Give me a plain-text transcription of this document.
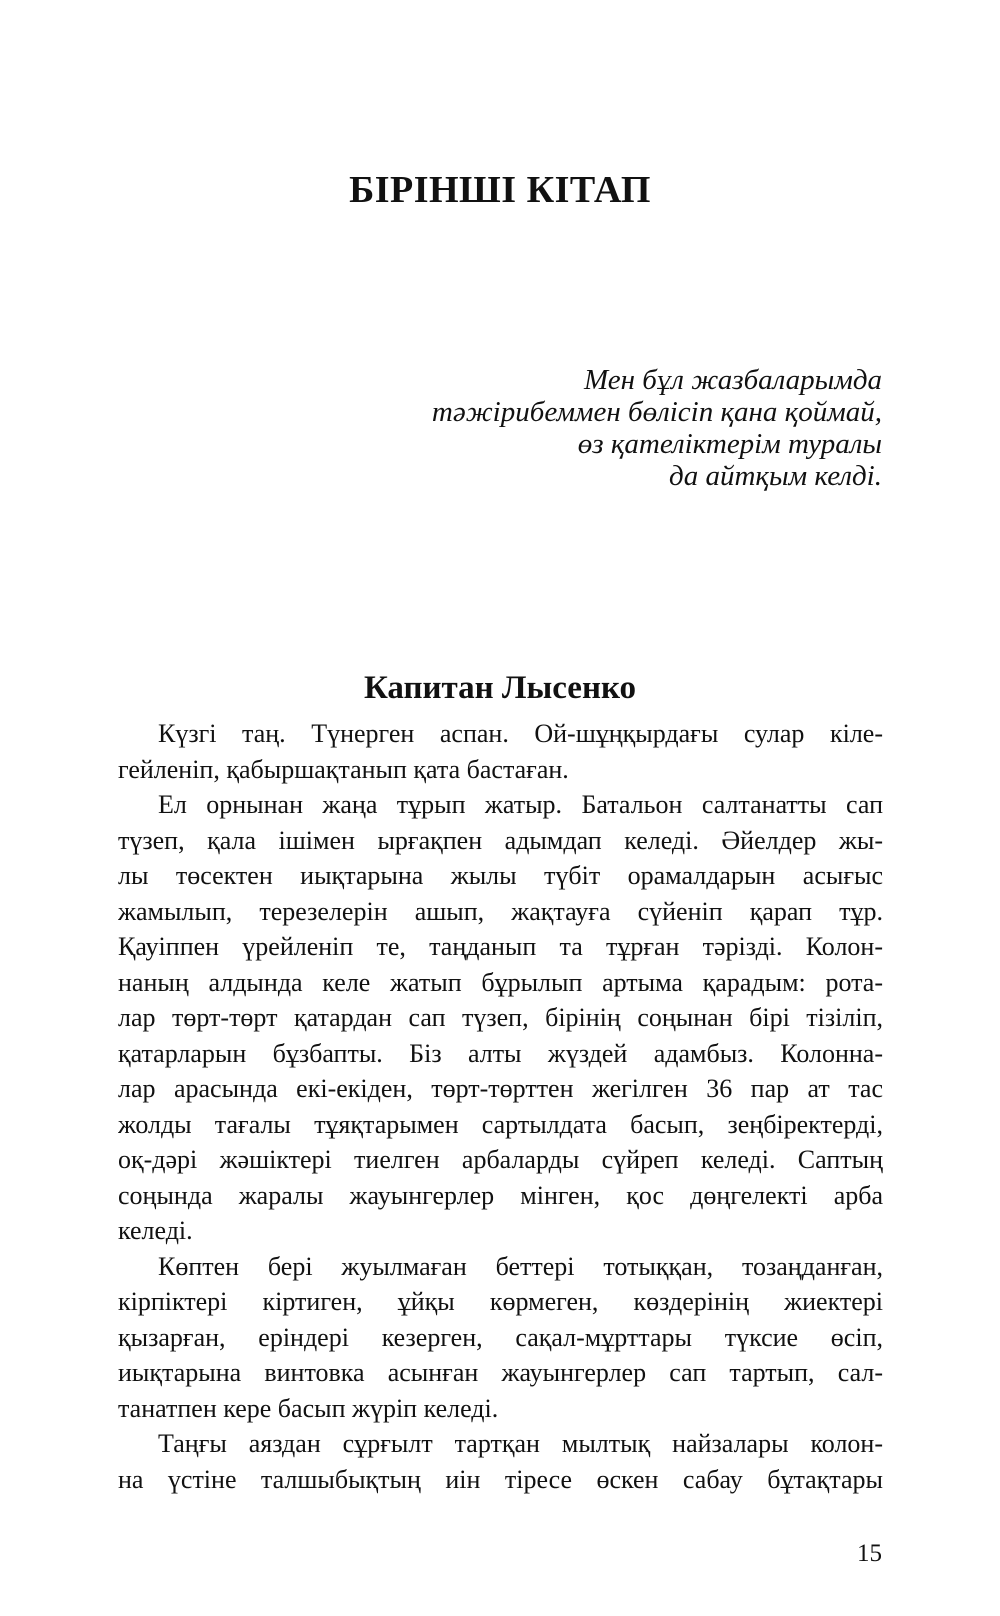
БІРІНШІ КІТАП
Мен бұл жазбаларымда
тәжірибеммен бөлісіп қана қоймай,
өз қателіктерім туралы
да айтқым келді.
Капитан Лысенко
Күзгі таң. Түнерген аспан. Ой-шұңқырдағы сулар кіле-
гейленіп, қабыршақтанып қата бастаған.
Ел орнынан жаңа тұрып жатыр. Батальон салтанатты сап
түзеп, қала ішімен ырғақпен адымдап келеді. Әйелдер жы-
лы төсектен иықтарына жылы түбіт орамалдарын асығыс
жамылып, терезелерін ашып, жақтауға сүйеніп қарап тұр.
Қауіппен үрейленіп те, таңданып та тұрған тәрізді. Колон-
наның алдында келе жатып бұрылып артыма қарадым: рота-
лар төрт-төрт қатардан сап түзеп, бірінің соңынан бірі тізіліп,
қатарларын бұзбапты. Біз алты жүздей адамбыз. Колонна-
лар арасында екі-екіден, төрт-төрттен жегілген 36 пар ат тас
жолды тағалы тұяқтарымен сартылдата басып, зеңбіректерді,
оқ-дәрі жәшіктері тиелген арбаларды сүйреп келеді. Саптың
соңында жаралы жауынгерлер мінген, қос дөңгелекті арба
келеді.
Көптен бері жуылмаған беттері тотыққан, тозаңданған,
кірпіктері кіртиген, ұйқы көрмеген, көздерінің жиектері
қызарған, еріндері кезерген, сақал-мұрттары түксие өсіп,
иықтарына винтовка асынған жауынгерлер сап тартып, сал-
танатпен кере басып жүріп келеді.
Таңғы аяздан сұрғылт тартқан мылтық найзалары колон-
на үстіне талшыбықтың иін тіресе өскен сабау бұтақтары
15
